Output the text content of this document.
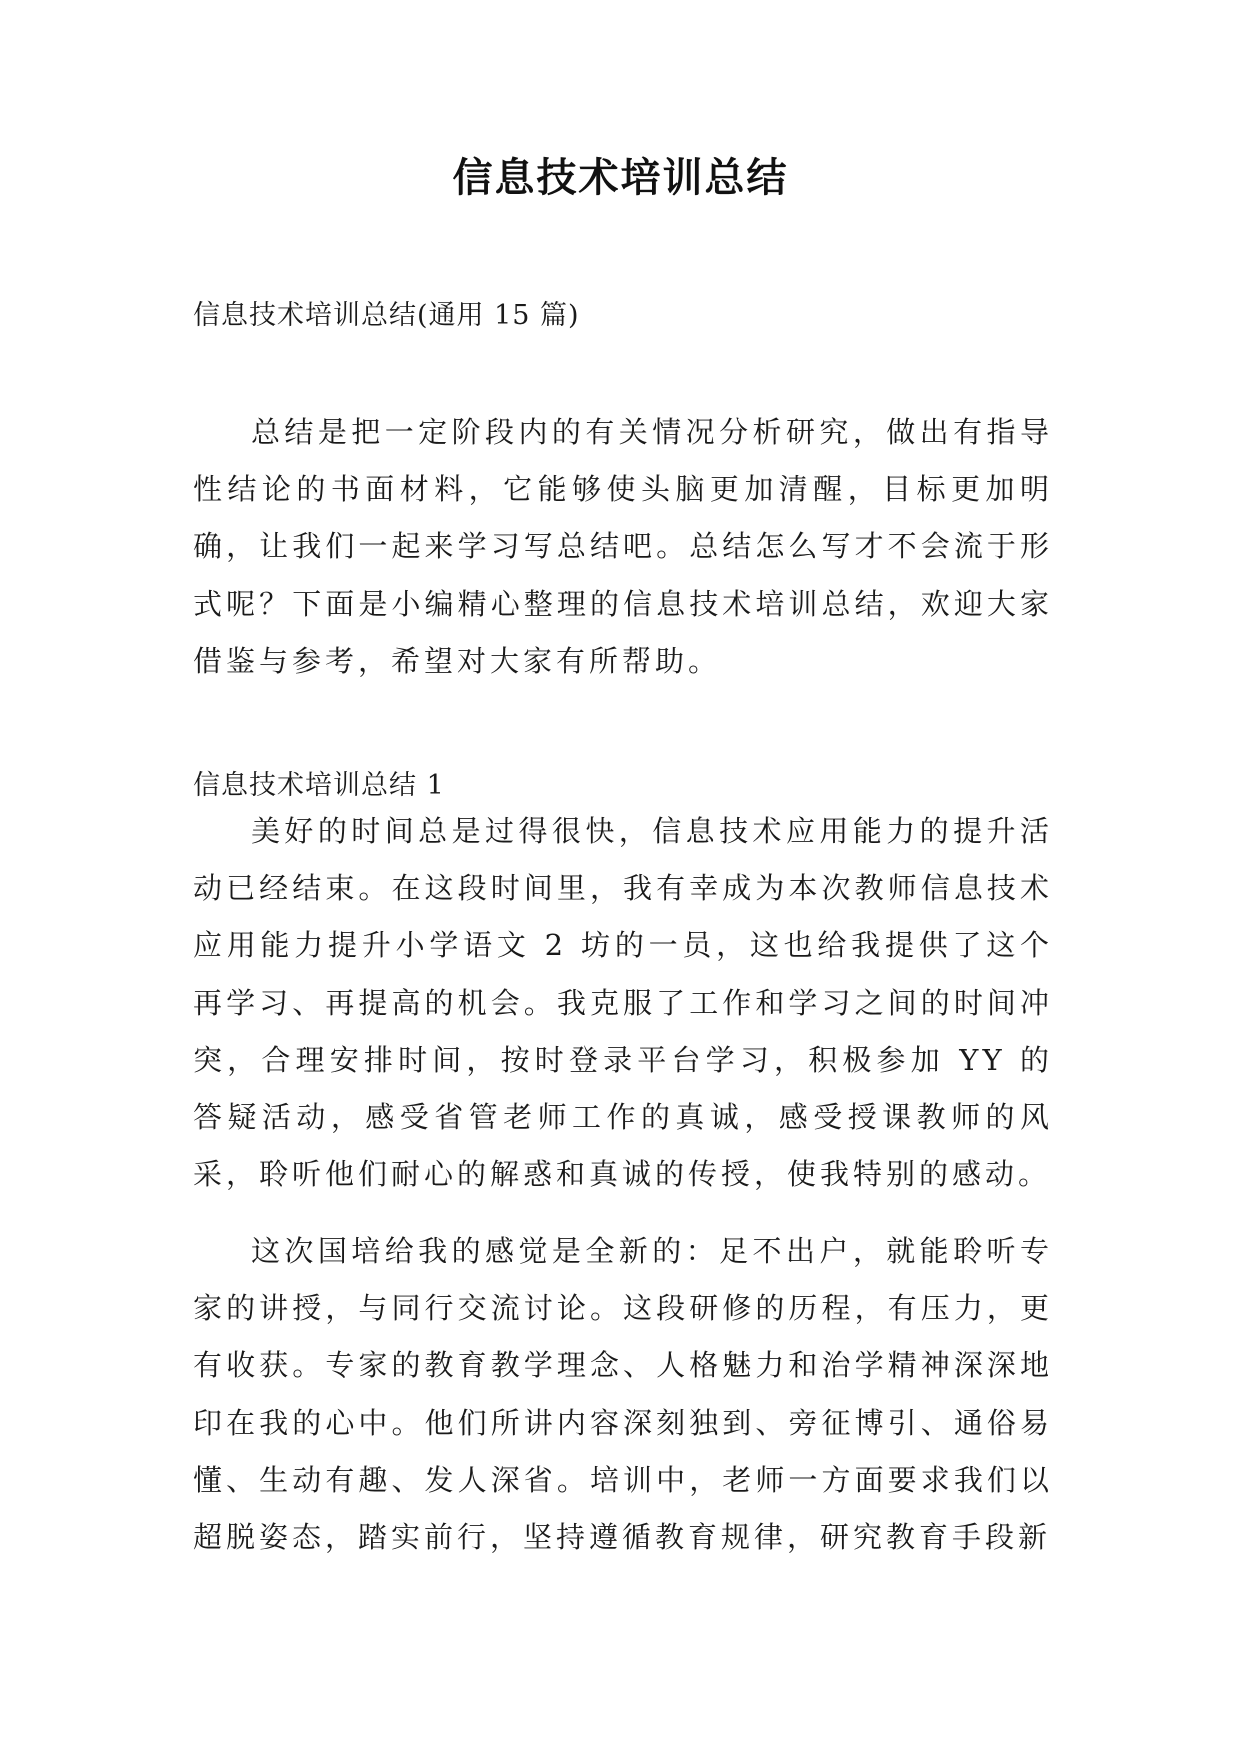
信息技术培训总结
信息技术培训总结(通用 15 篇)

总结是把一定阶段内的有关情况分析研究，做出有指导性结论的书面材料，它能够使头脑更加清醒，目标更加明确，让我们一起来学习写总结吧。总结怎么写才不会流于形式呢？下面是小编精心整理的信息技术培训总结，欢迎大家借鉴与参考，希望对大家有所帮助。

信息技术培训总结 1

美好的时间总是过得很快，信息技术应用能力的提升活动已经结束。在这段时间里，我有幸成为本次教师信息技术应用能力提升小学语文 2 坊的一员，这也给我提供了这个再学习、再提高的机会。我克服了工作和学习之间的时间冲突，合理安排时间，按时登录平台学习，积极参加 YY 的答疑活动，感受省管老师工作的真诚，感受授课教师的风采，聆听他们耐心的解惑和真诚的传授，使我特别的感动。

这次国培给我的感觉是全新的：足不出户，就能聆听专家的讲授，与同行交流讨论。这段研修的历程，有压力，更有收获。专家的教育教学理念、人格魅力和治学精神深深地印在我的心中。他们所讲内容深刻独到、旁征博引、通俗易懂、生动有趣、发人深省。培训中，老师一方面要求我们以超脱姿态，踏实前行，坚持遵循教育规律，研究教育手段新
